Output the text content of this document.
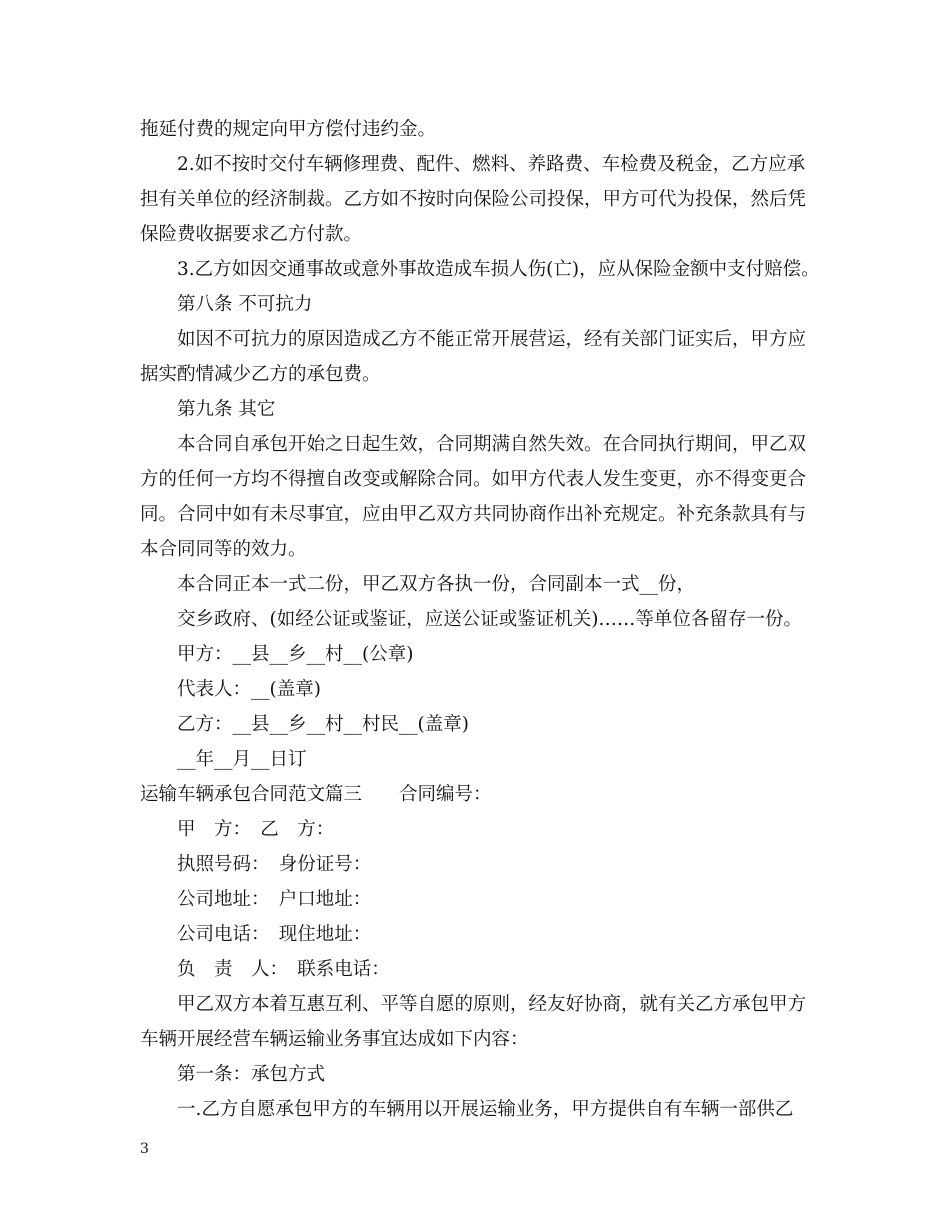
拖延付费的规定向甲方偿付违约金。
2.如不按时交付车辆修理费、配件、燃料、养路费、车检费及税金，乙方应承
担有关单位的经济制裁。乙方如不按时向保险公司投保，甲方可代为投保，然后凭
保险费收据要求乙方付款。
3.乙方如因交通事故或意外事故造成车损人伤(亡)，应从保险金额中支付赔偿。
第八条 不可抗力
如因不可抗力的原因造成乙方不能正常开展营运，经有关部门证实后，甲方应
据实酌情减少乙方的承包费。
第九条 其它
本合同自承包开始之日起生效，合同期满自然失效。在合同执行期间，甲乙双
方的任何一方均不得擅自改变或解除合同。如甲方代表人发生变更，亦不得变更合
同。合同中如有未尽事宜，应由甲乙双方共同协商作出补充规定。补充条款具有与
本合同同等的效力。
本合同正本一式二份，甲乙双方各执一份，合同副本一式__份，
交乡政府、(如经公证或鉴证，应送公证或鉴证机关)……等单位各留存一份。
甲方：__县__乡__村__(公章)
代表人：__(盖章)
乙方：__县__乡__村__村民__(盖章)
__年__月__日订
运输车辆承包合同范文篇三　　合同编号：
甲　方：　乙　方：
执照号码：　身份证号：
公司地址：　户口地址：
公司电话：　现住地址：
负　责　人：　联系电话：
甲乙双方本着互惠互利、平等自愿的原则，经友好协商，就有关乙方承包甲方
车辆开展经营车辆运输业务事宜达成如下内容：
第一条：承包方式
一.乙方自愿承包甲方的车辆用以开展运输业务，甲方提供自有车辆一部供乙
3
